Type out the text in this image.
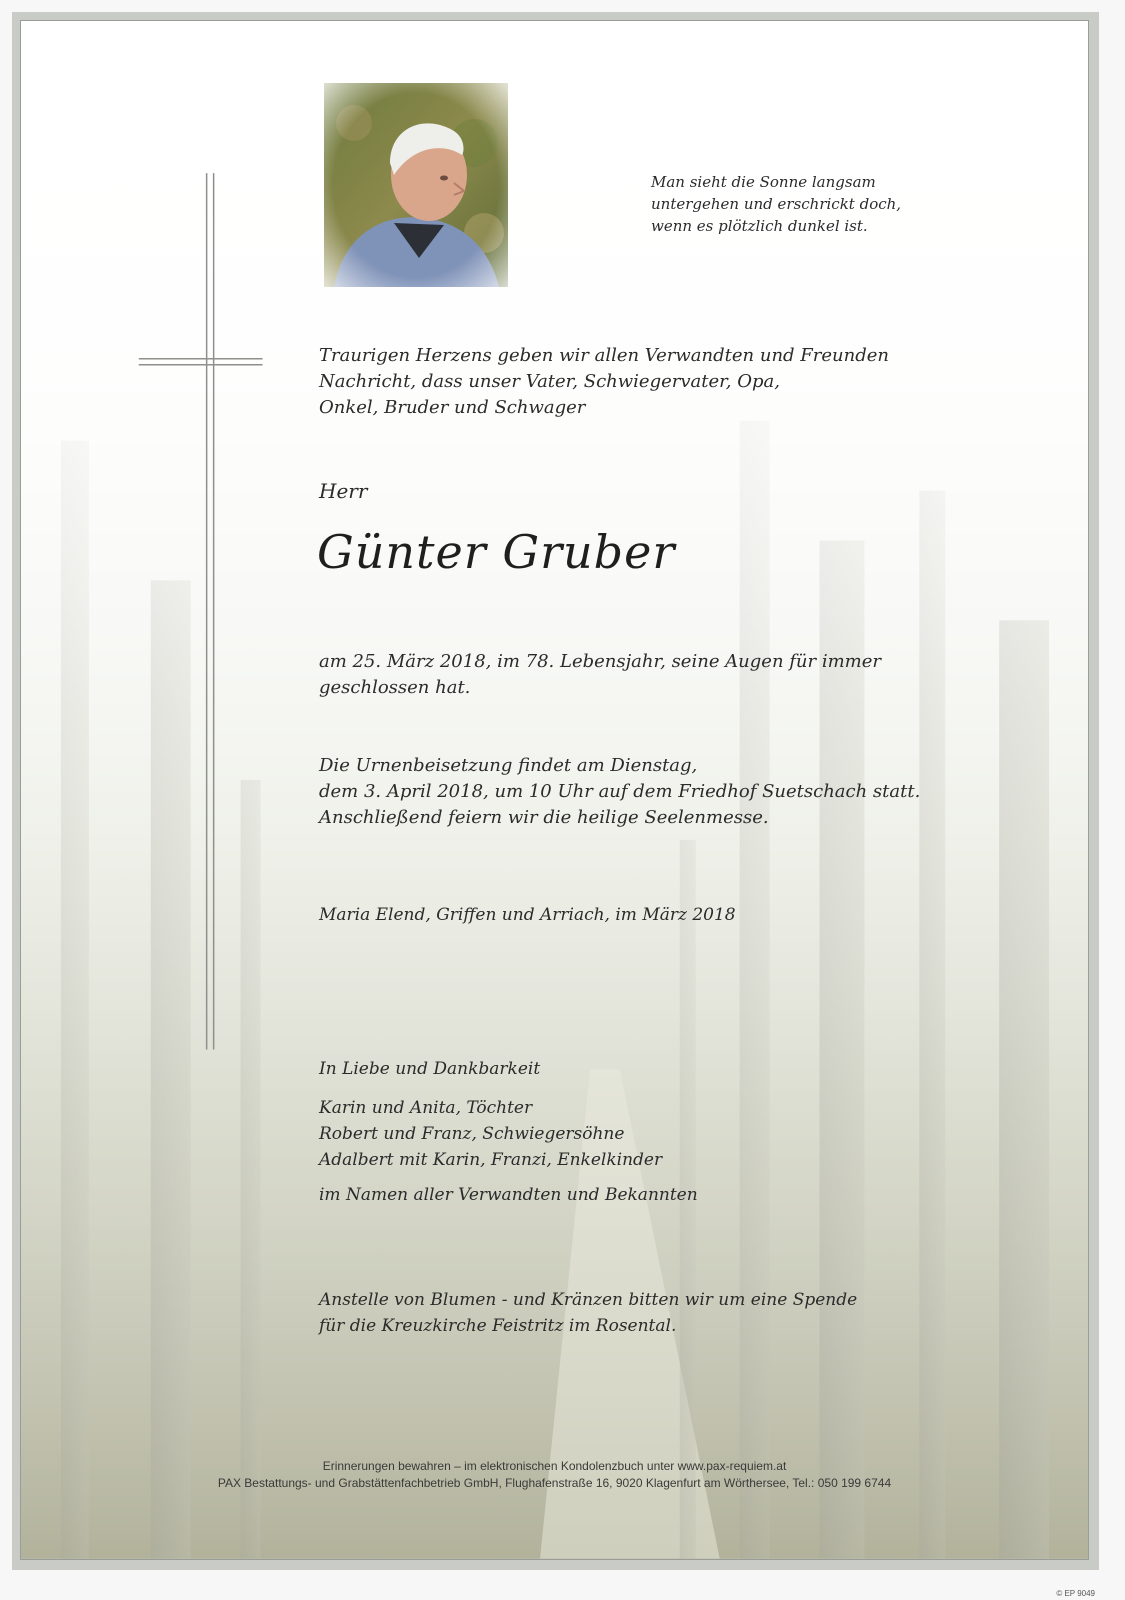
Man sieht die Sonne langsam
untergehen und erschrickt doch,
wenn es plötzlich dunkel ist.
Traurigen Herzens geben wir allen Verwandten und Freunden
Nachricht, dass unser Vater, Schwiegervater, Opa,
Onkel, Bruder und Schwager
Herr
Günter Gruber
am 25. März 2018, im 78. Lebensjahr, seine Augen für immer
geschlossen hat.
Die Urnenbeisetzung findet am Dienstag,
dem 3. April 2018, um 10 Uhr auf dem Friedhof Suetschach statt.
Anschließend feiern wir die heilige Seelenmesse.
Maria Elend, Griffen und Arriach, im März 2018
In Liebe und Dankbarkeit
Karin und Anita, Töchter
Robert und Franz, Schwiegersöhne
Adalbert mit Karin, Franzi, Enkelkinder
im Namen aller Verwandten und Bekannten
Anstelle von Blumen - und Kränzen bitten wir um eine Spende
für die Kreuzkirche Feistritz im Rosental.
Erinnerungen bewahren – im elektronischen Kondolenzbuch unter www.pax-requiem.at
PAX Bestattungs- und Grabstättenfachbetrieb GmbH, Flughafenstraße 16, 9020 Klagenfurt am Wörthersee, Tel.: 050 199 6744
© EP 9049
